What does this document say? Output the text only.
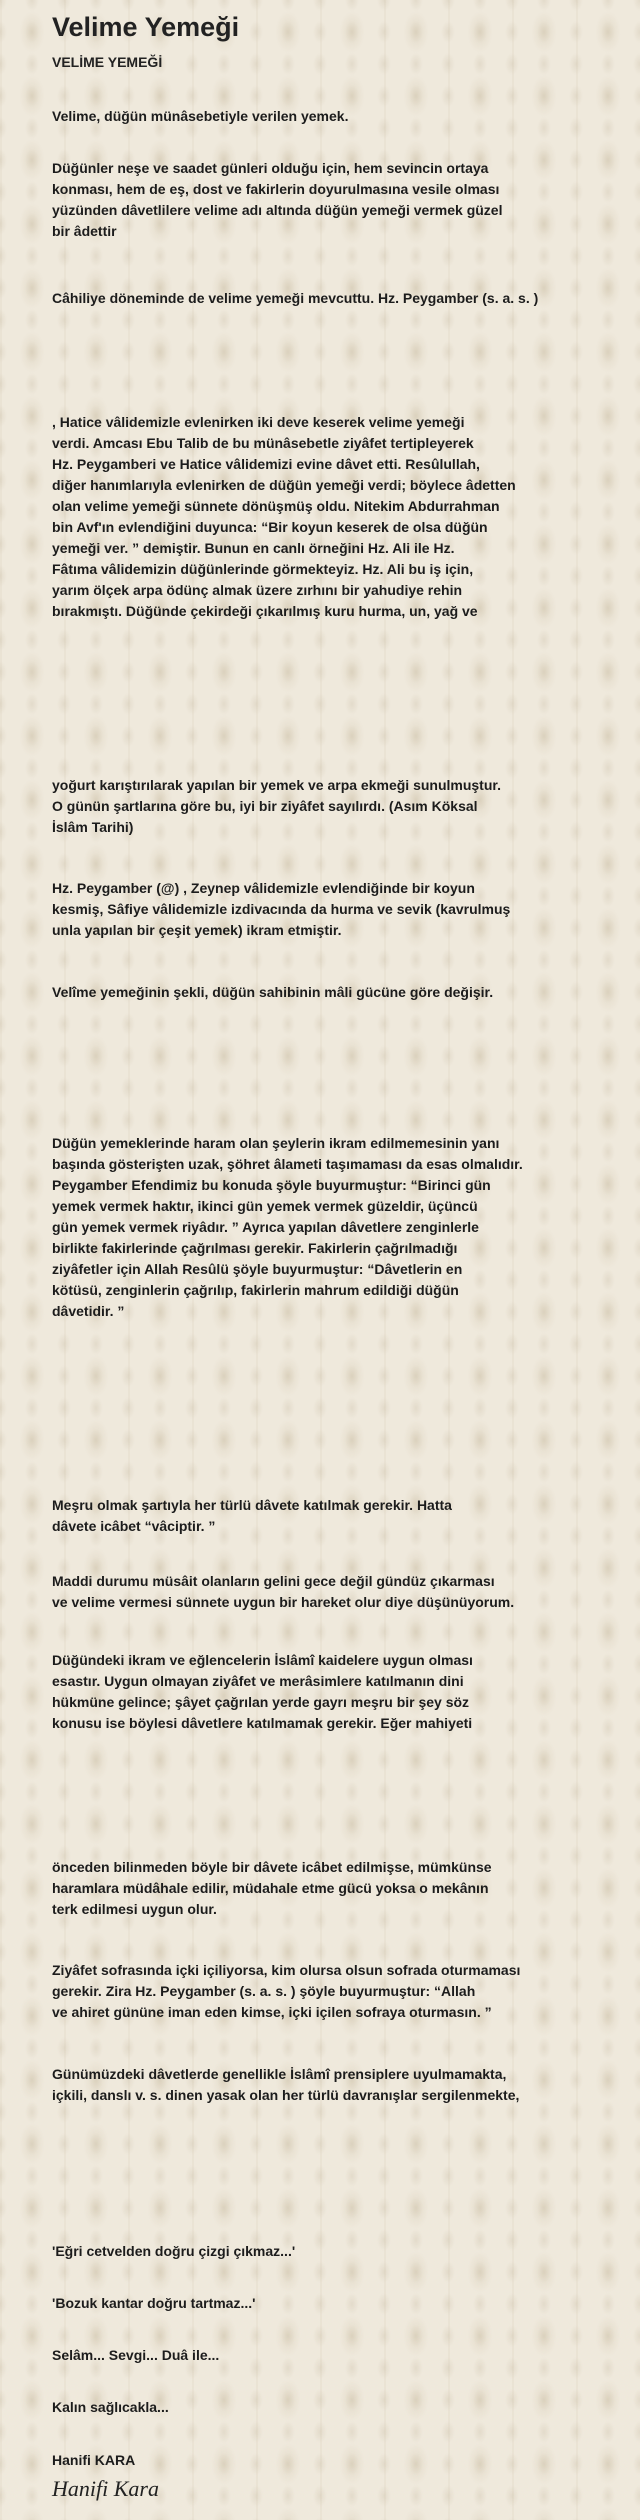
Velime Yemeği
VELİME YEMEĞİ

Velime, düğün münâsebetiyle verilen yemek.

Düğünler neşe ve saadet günleri olduğu için, hem sevincin ortaya
konması, hem de eş, dost ve fakirlerin doyurulmasına vesile olması
yüzünden dâvetlilere velime adı altında düğün yemeği vermek güzel
bir âdettir

Câhiliye döneminde de velime yemeği mevcuttu. Hz. Peygamber (s. a. s. )

, Hatice vâlidemizle evlenirken iki deve keserek velime yemeği
verdi. Amcası Ebu Talib de bu münâsebetle ziyâfet tertipleyerek
Hz. Peygamberi ve Hatice vâlidemizi evine dâvet etti. Resûlullah,
diğer hanımlarıyla evlenirken de düğün yemeği verdi; böylece âdetten
olan velime yemeği sünnete dönüşmüş oldu. Nitekim Abdurrahman
bin Avf'ın evlendiğini duyunca: “Bir koyun keserek de olsa düğün
yemeği ver. ” demiştir. Bunun en canlı örneğini Hz. Ali ile Hz.
Fâtıma vâlidemizin düğünlerinde görmekteyiz. Hz. Ali bu iş için,
yarım ölçek arpa ödünç almak üzere zırhını bir yahudiye rehin
bırakmıştı. Düğünde çekirdeği çıkarılmış kuru hurma, un, yağ ve

yoğurt karıştırılarak yapılan bir yemek ve arpa ekmeği sunulmuştur.
O günün şartlarına göre bu, iyi bir ziyâfet sayılırdı. (Asım Köksal
İslâm Tarihi)

Hz. Peygamber (@) , Zeynep vâlidemizle evlendiğinde bir koyun
kesmiş, Sâfiye vâlidemizle izdivacında da hurma ve sevik (kavrulmuş
unla yapılan bir çeşit yemek) ikram etmiştir.

Velîme yemeğinin şekli, düğün sahibinin mâli gücüne göre değişir.

Düğün yemeklerinde haram olan şeylerin ikram edilmemesinin yanı
başında gösterişten uzak, şöhret âlameti taşımaması da esas olmalıdır.
Peygamber Efendimiz bu konuda şöyle buyurmuştur: “Birinci gün
yemek vermek haktır, ikinci gün yemek vermek güzeldir, üçüncü
gün yemek vermek riyâdır. ” Ayrıca yapılan dâvetlere zenginlerle
birlikte fakirlerinde çağrılması gerekir. Fakirlerin çağrılmadığı
ziyâfetler için Allah Resûlü şöyle buyurmuştur: “Dâvetlerin en
kötüsü, zenginlerin çağrılıp, fakirlerin mahrum edildiği düğün
dâvetidir. ”

Meşru olmak şartıyla her türlü dâvete katılmak gerekir. Hatta
dâvete icâbet “vâciptir. ”

Maddi durumu müsâit olanların gelini gece değil gündüz çıkarması
ve velime vermesi sünnete uygun bir hareket olur diye düşünüyorum.

Düğündeki ikram ve eğlencelerin İslâmî kaidelere uygun olması
esastır. Uygun olmayan ziyâfet ve merâsimlere katılmanın dini
hükmüne gelince; şâyet çağrılan yerde gayrı meşru bir şey söz
konusu ise böylesi dâvetlere katılmamak gerekir. Eğer mahiyeti

önceden bilinmeden böyle bir dâvete icâbet edilmişse, mümkünse
haramlara müdâhale edilir, müdahale etme gücü yoksa o mekânın
terk edilmesi uygun olur.

Ziyâfet sofrasında içki içiliyorsa, kim olursa olsun sofrada oturmaması
gerekir. Zira Hz. Peygamber (s. a. s. ) şöyle buyurmuştur: “Allah
ve ahiret gününe iman eden kimse, içki içilen sofraya oturmasın. ”

Günümüzdeki dâvetlerde genellikle İslâmî prensiplere uyulmamakta,
içkili, danslı v. s. dinen yasak olan her türlü davranışlar sergilenmekte,

'Eğri cetvelden doğru çizgi çıkmaz...'

'Bozuk kantar doğru tartmaz...'

Selâm... Sevgi... Duâ ile...

Kalın sağlıcakla...

Hanifi KARA

Hanifi Kara
